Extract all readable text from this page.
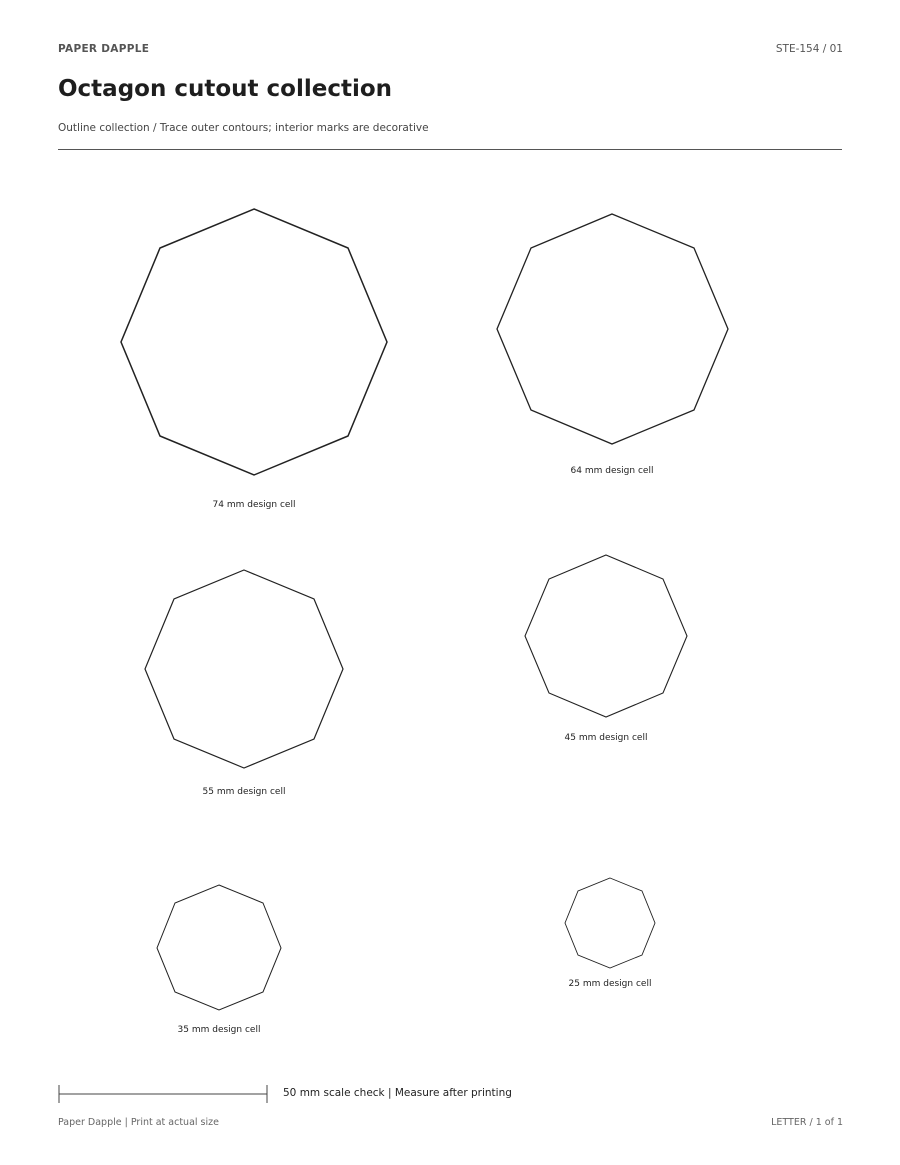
PAPER DAPPLE	STE-154 / 01
Octagon cutout collection
Outline collection / Trace outer contours; interior marks are decorative
74 mm design cell
64 mm design cell
55 mm design cell
45 mm design cell
35 mm design cell
25 mm design cell
50 mm scale check | Measure after printing
Paper Dapple | Print at actual size	LETTER / 1 of 1
